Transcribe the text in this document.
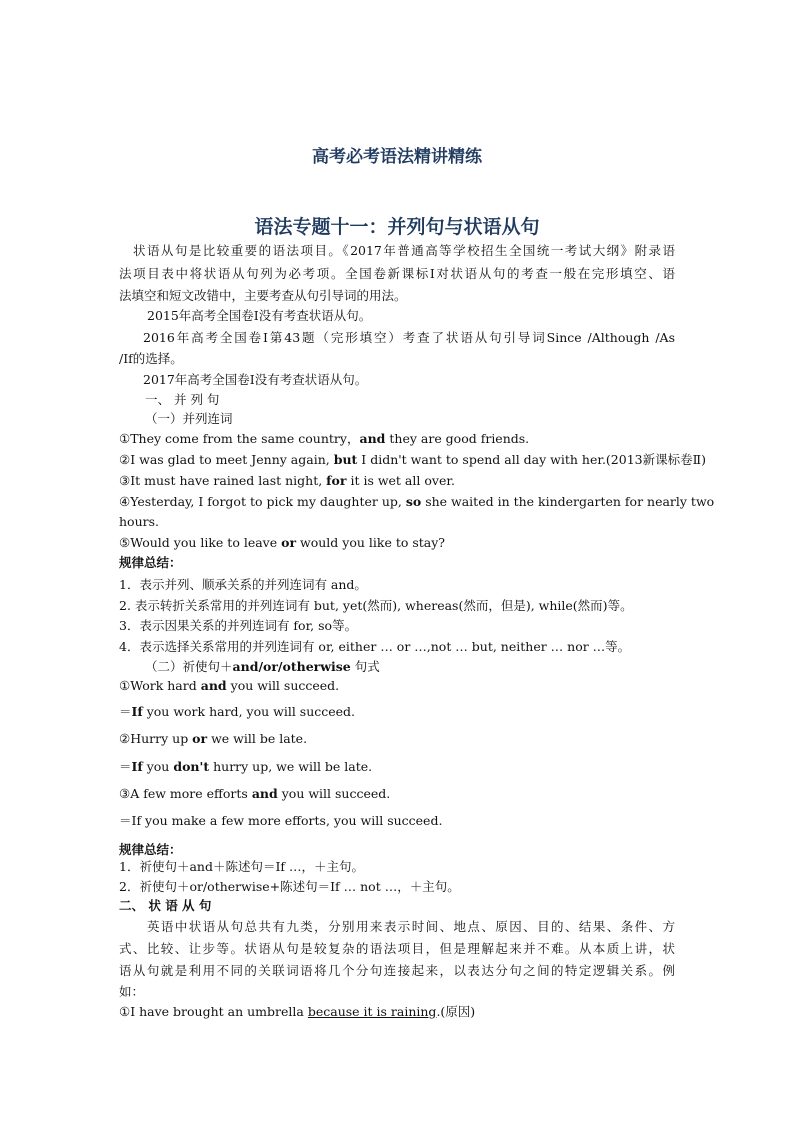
高考必考语法精讲精练
语法专题十一：并列句与状语从句
状语从句是比较重要的语法项目。《2017年普通高等学校招生全国统一考试大纲》附录语
法项目表中将状语从句列为必考项。全国卷新课标Ⅰ对状语从句的考查一般在完形填空、语
法填空和短文改错中，主要考查从句引导词的用法。
2015年高考全国卷Ⅰ没有考查状语从句。
2016年高考全国卷Ⅰ第43题（完形填空）考查了状语从句引导词Since /Although /As
/If的选择。
2017年高考全国卷Ⅰ没有考查状语从句。
一、 并 列 句
（一）并列连词
①They come from the same country，and they are good friends.
②I was glad to meet Jenny again, but I didn't want to spend all day with her.(2013新课标卷Ⅱ)
③It must have rained last night, for it is wet all over.
④Yesterday, I forgot to pick my daughter up, so she waited in the kindergarten for nearly two
hours.
⑤Would you like to leave or would you like to stay?
规律总结：
1．表示并列、顺承关系的并列连词有 and。
2. 表示转折关系常用的并列连词有 but, yet(然而), whereas(然而，但是), while(然而)等。
3．表示因果关系的并列连词有 for, so等。
4．表示选择关系常用的并列连词有 or, either … or …,not … but, neither … nor …等。
（二）祈使句＋and/or/otherwise 句式
①Work hard and you will succeed.
＝If you work hard, you will succeed.
②Hurry up or we will be late.
＝If you don't hurry up, we will be late.
③A few more efforts and you will succeed.
＝If you make a few more efforts, you will succeed.
规律总结：
1．祈使句＋and＋陈述句＝If …，＋主句。
2．祈使句＋or/otherwise+陈述句＝If … not …，＋主句。
二、 状 语 从 句
英语中状语从句总共有九类，分别用来表示时间、地点、原因、目的、结果、条件、方
式、比较、让步等。状语从句是较复杂的语法项目，但是理解起来并不难。从本质上讲，状
语从句就是利用不同的关联词语将几个分句连接起来，以表达分句之间的特定逻辑关系。例
如：
①I have brought an umbrella because it is raining.(原因)
